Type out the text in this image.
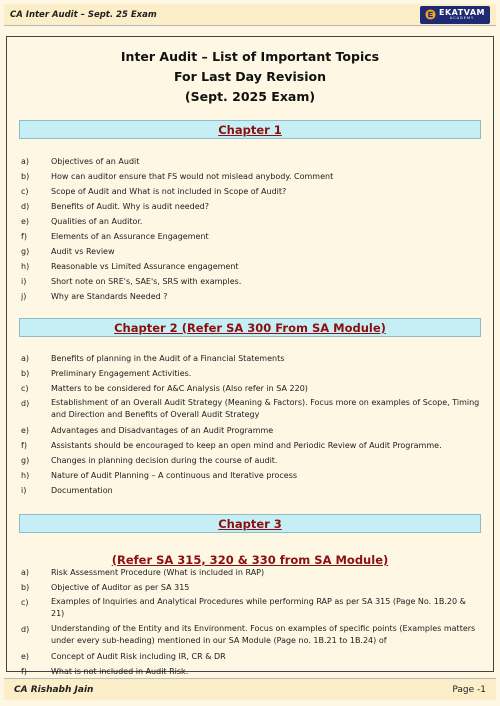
CA Inter Audit – Sept. 25 Exam	EKATVAM
ACADEMY
Inter Audit – List of Important Topics
For Last Day Revision
(Sept. 2025 Exam)
Chapter 1
a)	Objectives of an Audit
b)	How can auditor ensure that FS would not mislead anybody. Comment
c)	Scope of Audit and What is not included in Scope of Audit?
d)	Benefits of Audit. Why is audit needed?
e)	Qualities of an Auditor.
f)	Elements of an Assurance Engagement
g)	Audit vs Review
h)	Reasonable vs Limited Assurance engagement
i)	Short note on SRE's, SAE's, SRS with examples.
j)	Why are Standards Needed ?
Chapter 2 (Refer SA 300 From SA Module)
a)	Benefits of planning in the Audit of a Financial Statements
b)	Preliminary Engagement Activities.
c)	Matters to be considered for A&C Analysis (Also refer in SA 220)
d)	Establishment of an Overall Audit Strategy (Meaning & Factors). Focus more on examples of Scope, Timing and Direction and Benefits of Overall Audit Strategy
e)	Advantages and Disadvantages of an Audit Programme
f)	Assistants should be encouraged to keep an open mind and Periodic Review of Audit Programme.
g)	Changes in planning decision during the course of audit.
h)	Nature of Audit Planning – A continuous and Iterative process
i)	Documentation
Chapter 3
(Refer SA 315, 320 & 330 from SA Module)
a)	Risk Assessment Procedure (What is included in RAP)
b)	Objective of Auditor as per SA 315
c)	Examples of Inquiries and Analytical Procedures while performing RAP as per SA 315 (Page No. 1B.20 & 21)
d)	Understanding of the Entity and its Environment. Focus on examples of specific points (Examples matters under every sub-heading) mentioned in our SA Module (Page no. 1B.21 to 1B.24) of
e)	Concept of Audit Risk including IR, CR & DR
f)	What is not included in Audit Risk.
CA Rishabh Jain	Page -1
